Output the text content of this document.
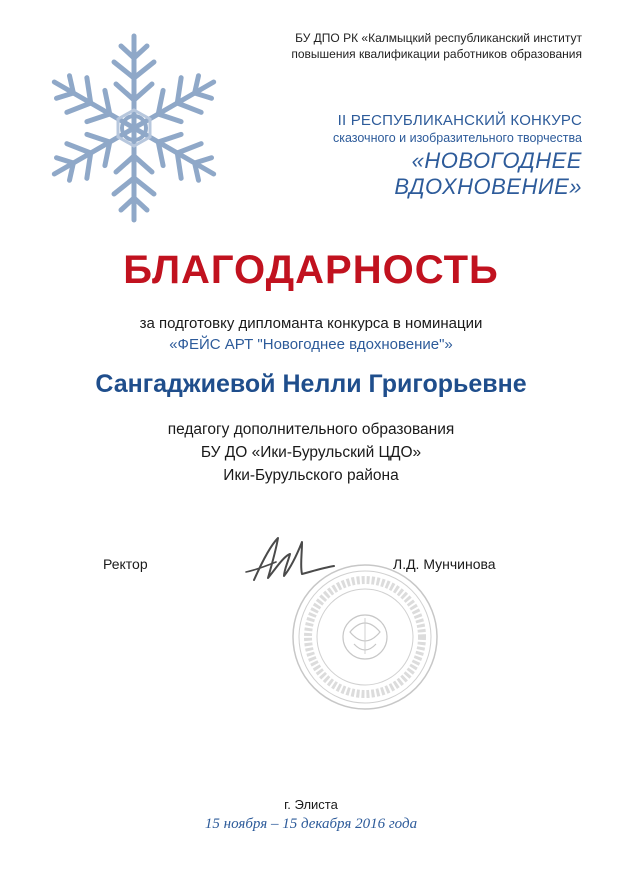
БУ ДПО РК «Калмыцкий республиканский институт
повышения квалификации работников образования
II РЕСПУБЛИКАНСКИЙ КОНКУРС
сказочного и изобразительного творчества
«НОВОГОДНЕЕ ВДОХНОВЕНИЕ»
БЛАГОДАРНОСТЬ
за подготовку дипломанта конкурса в номинации
«ФЕЙС АРТ "Новогоднее вдохновение"»
Сангаджиевой Нелли Григорьевне
педагогу дополнительного образования
БУ ДО «Ики-Бурульский ЦДО»
Ики-Бурульского района
Ректор	Л.Д. Мунчинова
г. Элиста
15 ноября – 15 декабря 2016 года
